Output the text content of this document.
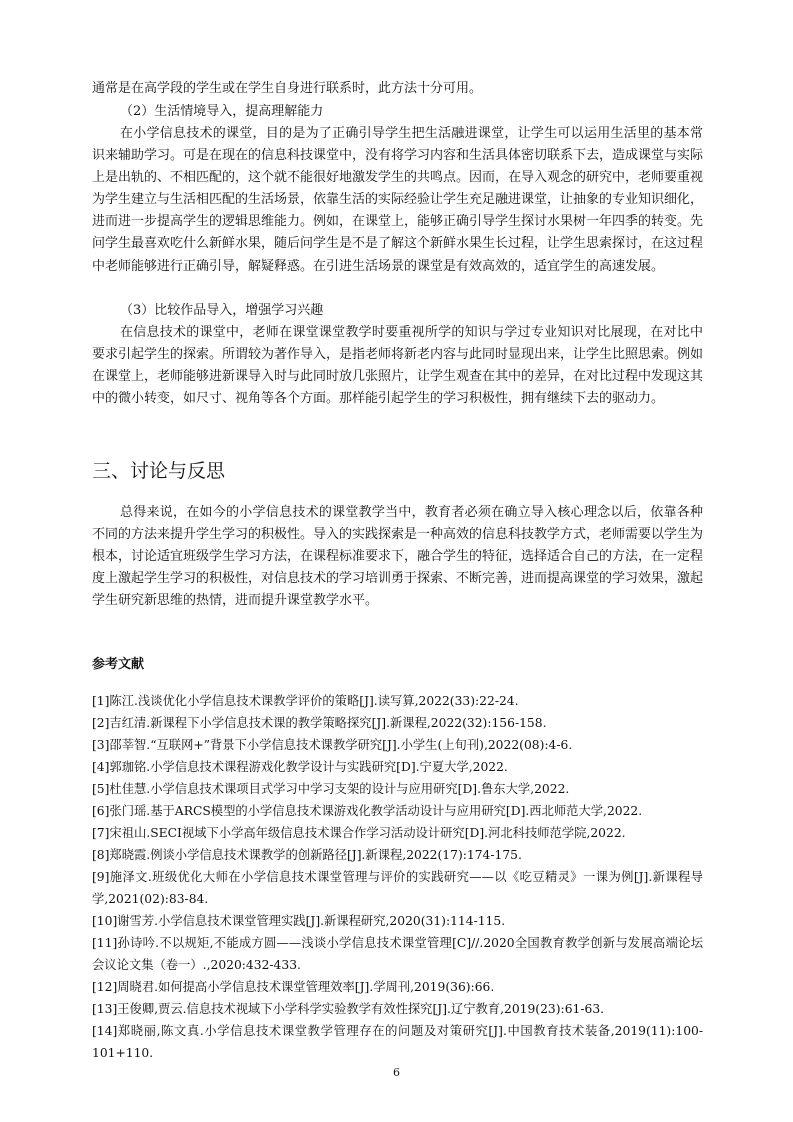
通常是在高学段的学生或在学生自身进行联系时，此方法十分可用。

（2）生活情境导入，提高理解能力

在小学信息技术的课堂，目的是为了正确引导学生把生活融进课堂，让学生可以运用生活里的基本常识来辅助学习。可是在现在的信息科技课堂中，没有将学习内容和生活具体密切联系下去，造成课堂与实际上是出轨的、不相匹配的，这个就不能很好地激发学生的共鸣点。因而，在导入观念的研究中，老师要重视为学生建立与生活相匹配的生活场景，依靠生活的实际经验让学生充足融进课堂，让抽象的专业知识细化，进而进一步提高学生的逻辑思维能力。例如，在课堂上，能够正确引导学生探讨水果树一年四季的转变。先问学生最喜欢吃什么新鲜水果，随后问学生是不是了解这个新鲜水果生长过程，让学生思索探讨，在这过程中老师能够进行正确引导，解疑释惑。在引进生活场景的课堂是有效高效的，适宜学生的高速发展。

（3）比较作品导入，增强学习兴趣

在信息技术的课堂中，老师在课堂课堂教学时要重视所学的知识与学过专业知识对比展现，在对比中要求引起学生的探索。所谓较为著作导入，是指老师将新老内容与此同时显现出来，让学生比照思索。例如在课堂上，老师能够进新课导入时与此同时放几张照片，让学生观查在其中的差异，在对比过程中发现这其中的微小转变，如尺寸、视角等各个方面。那样能引起学生的学习积极性，拥有继续下去的驱动力。

三、讨论与反思

总得来说，在如今的小学信息技术的课堂教学当中，教育者必须在确立导入核心理念以后，依靠各种不同的方法来提升学生学习的积极性。导入的实践探索是一种高效的信息科技教学方式，老师需要以学生为根本，讨论适宜班级学生学习方法，在课程标准要求下，融合学生的特征，选择适合自己的方法，在一定程度上激起学生学习的积极性，对信息技术的学习培训勇于探索、不断完善，进而提高课堂的学习效果，激起学生研究新思维的热情，进而提升课堂教学水平。

参考文献

[1]陈江.浅谈优化小学信息技术课教学评价的策略[J].读写算,2022(33):22-24.

[2]吉红清.新课程下小学信息技术课的教学策略探究[J].新课程,2022(32):156-158.

[3]邵莘智.“互联网+”背景下小学信息技术课教学研究[J].小学生(上旬刊),2022(08):4-6.

[4]郭珈铭.小学信息技术课程游戏化教学设计与实践研究[D].宁夏大学,2022.

[5]杜佳慧.小学信息技术课项目式学习中学习支架的设计与应用研究[D].鲁东大学,2022.

[6]张门瑶.基于ARCS模型的小学信息技术课游戏化教学活动设计与应用研究[D].西北师范大学,2022.

[7]宋祖山.SECI视域下小学高年级信息技术课合作学习活动设计研究[D].河北科技师范学院,2022.

[8]郑晓霞.例谈小学信息技术课教学的创新路径[J].新课程,2022(17):174-175.

[9]施泽文.班级优化大师在小学信息技术课堂管理与评价的实践研究——以《吃豆精灵》一课为例[J].新课程导学,2021(02):83-84.

[10]谢雪芳.小学信息技术课堂管理实践[J].新课程研究,2020(31):114-115.

[11]孙诗吟.不以规矩,不能成方圆——浅谈小学信息技术课堂管理[C]//.2020全国教育教学创新与发展高端论坛会议论文集（卷一）.,2020:432-433.

[12]周晓君.如何提高小学信息技术课堂管理效率[J].学周刊,2019(36):66.

[13]王俊卿,贾云.信息技术视域下小学科学实验教学有效性探究[J].辽宁教育,2019(23):61-63.

[14]郑晓丽,陈文真.小学信息技术课堂教学管理存在的问题及对策研究[J].中国教育技术装备,2019(11):100-101+110.

6
